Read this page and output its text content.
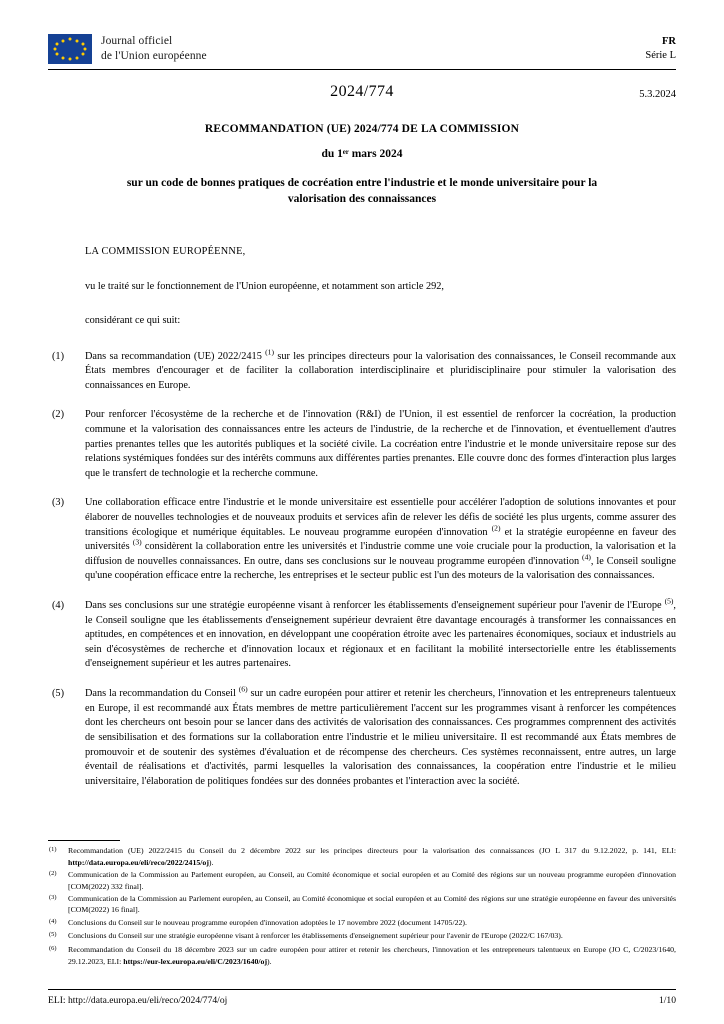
Journal officiel
de l'Union européenne
FR
Série L
2024/774	5.3.2024
RECOMMANDATION (UE) 2024/774 DE LA COMMISSION
du 1ᵉʳ mars 2024
sur un code de bonnes pratiques de cocréation entre l'industrie et le monde universitaire pour la valorisation des connaissances
LA COMMISSION EUROPÉENNE,
vu le traité sur le fonctionnement de l'Union européenne, et notamment son article 292,
considérant ce qui suit:
(1)	Dans sa recommandation (UE) 2022/2415 $^{(1)}$ sur les principes directeurs pour la valorisation des connaissances, le Conseil recommande aux États membres d'encourager et de faciliter la collaboration interdisciplinaire et pluridisciplinaire pour stimuler la valorisation des connaissances en Europe.
(2)	Pour renforcer l'écosystème de la recherche et de l'innovation (R&I) de l'Union, il est essentiel de renforcer la cocréation, la production commune et la valorisation des connaissances entre les acteurs de l'industrie, de la recherche et de l'innovation, et éventuellement d'autres parties prenantes telles que les autorités publiques et la société civile. La cocréation entre l'industrie et le monde universitaire repose sur des relations systémiques fondées sur des intérêts communs aux différentes parties prenantes. Elle couvre donc des formes d'interaction plus larges que le transfert de technologie et la recherche commune.
(3)	Une collaboration efficace entre l'industrie et le monde universitaire est essentielle pour accélérer l'adoption de solutions innovantes et pour élaborer de nouvelles technologies et de nouveaux produits et services afin de relever les défis de société les plus urgents, comme assurer des transitions écologique et numérique équitables. Le nouveau programme européen d'innovation $^{(2)}$ et la stratégie européenne en faveur des universités $^{(3)}$ considèrent la collaboration entre les universités et l'industrie comme une voie cruciale pour la production, la valorisation et la diffusion de nouvelles connaissances. En outre, dans ses conclusions sur le nouveau programme européen d'innovation $^{(4)}$, le Conseil souligne qu'une coopération efficace entre la recherche, les entreprises et le secteur public est l'un des moteurs de la valorisation des connaissances.
(4)	Dans ses conclusions sur une stratégie européenne visant à renforcer les établissements d'enseignement supérieur pour l'avenir de l'Europe $^{(5)}$, le Conseil souligne que les établissements d'enseignement supérieur devraient être davantage encouragés à transformer les connaissances en aptitudes, en compétences et en innovation, en développant une coopération étroite avec les partenaires économiques, sociaux et industriels au sein d'écosystèmes de recherche et d'innovation locaux et régionaux et en facilitant la mobilité intersectorielle entre les établissements d'enseignement supérieur et les autres partenaires.
(5)	Dans la recommandation du Conseil $^{(6)}$ sur un cadre européen pour attirer et retenir les chercheurs, l'innovation et les entrepreneurs talentueux en Europe, il est recommandé aux États membres de mettre particulièrement l'accent sur les programmes visant à renforcer les compétences dont les chercheurs ont besoin pour se lancer dans des activités de valorisation des connaissances. Ces programmes comprennent des activités de sensibilisation et des formations sur la collaboration entre l'industrie et le milieu universitaire. Il est recommandé aux États membres de promouvoir et de soutenir des systèmes d'évaluation et de récompense des chercheurs. Ces systèmes reconnaissent, entre autres, un large éventail de réalisations et d'activités, parmi lesquelles la valorisation des connaissances, la coopération entre l'industrie et le milieu universitaire, l'élaboration de politiques fondées sur des données probantes et l'interaction avec la société.
$^{(1)}$	Recommandation (UE) 2022/2415 du Conseil du 2 décembre 2022 sur les principes directeurs pour la valorisation des connaissances (JO L 317 du 9.12.2022, p. 141, ELI: http://data.europa.eu/eli/reco/2022/2415/oj).
$^{(2)}$	Communication de la Commission au Parlement européen, au Conseil, au Comité économique et social européen et au Comité des régions sur un nouveau programme européen d'innovation [COM(2022) 332 final].
$^{(3)}$	Communication de la Commission au Parlement européen, au Conseil, au Comité économique et social européen et au Comité des régions sur une stratégie européenne en faveur des universités [COM(2022) 16 final].
$^{(4)}$	Conclusions du Conseil sur le nouveau programme européen d'innovation adoptées le 17 novembre 2022 (document 14705/22).
$^{(5)}$	Conclusions du Conseil sur une stratégie européenne visant à renforcer les établissements d'enseignement supérieur pour l'avenir de l'Europe (2022/C 167/03).
$^{(6)}$	Recommandation du Conseil du 18 décembre 2023 sur un cadre européen pour attirer et retenir les chercheurs, l'innovation et les entrepreneurs talentueux en Europe (JO C, C/2023/1640, 29.12.2023, ELI: https://eur-lex.europa.eu/eli/C/2023/1640/oj).
ELI: http://data.europa.eu/eli/reco/2024/774/oj	1/10
